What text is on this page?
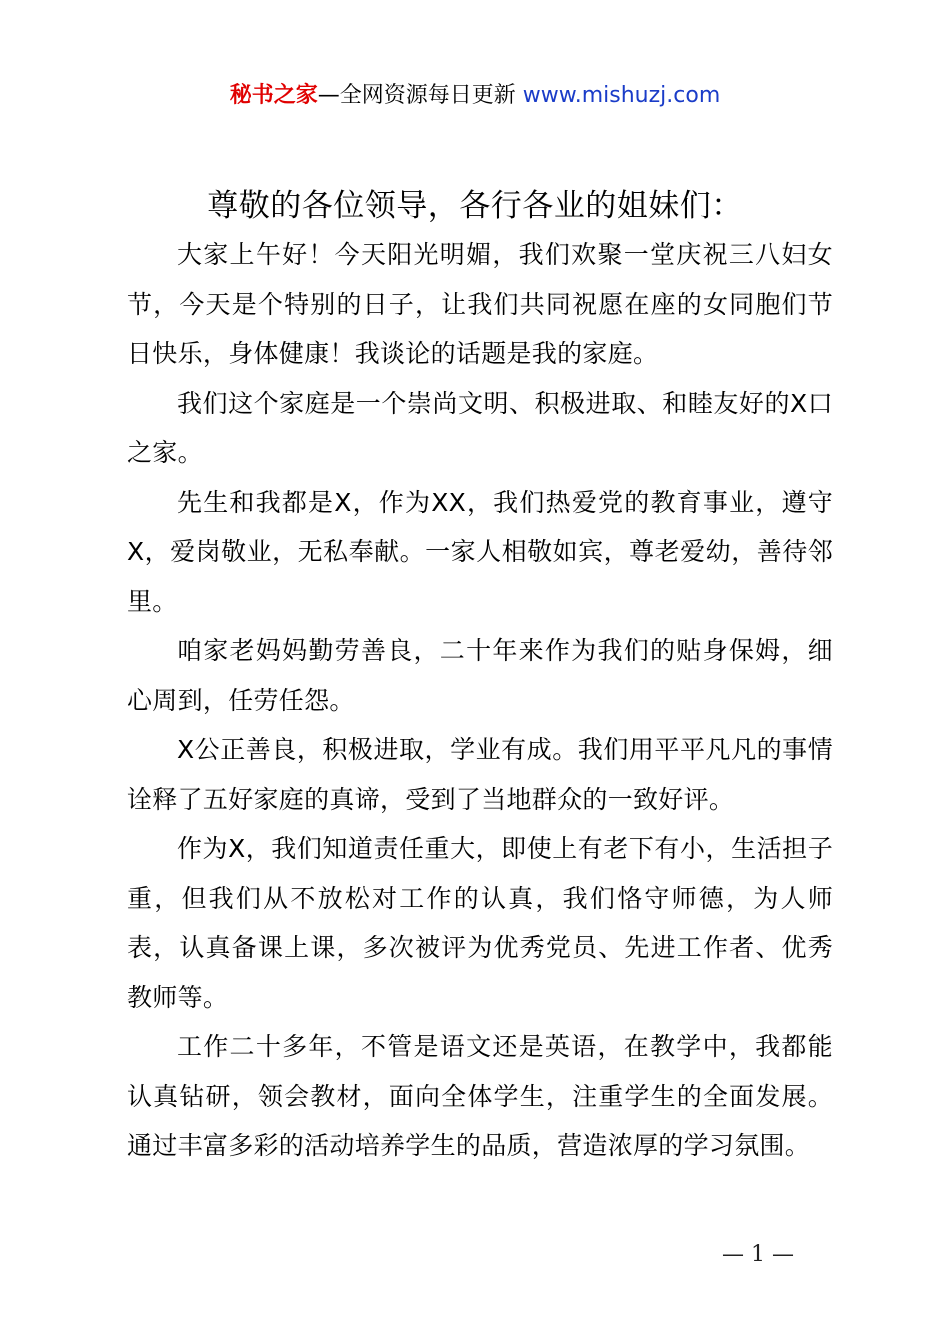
秘书之家—全网资源每日更新 www.mishuzj.com
尊敬的各位领导，各行各业的姐妹们：

大家上午好！今天阳光明媚，我们欢聚一堂庆祝三八妇女节，今天是个特别的日子，让我们共同祝愿在座的女同胞们节日快乐，身体健康！我谈论的话题是我的家庭。

我们这个家庭是一个崇尚文明、积极进取、和睦友好的X口之家。

先生和我都是X，作为XX，我们热爱党的教育事业，遵守X，爱岗敬业，无私奉献。一家人相敬如宾，尊老爱幼，善待邻里。

咱家老妈妈勤劳善良，二十年来作为我们的贴身保姆，细心周到，任劳任怨。

X公正善良，积极进取，学业有成。我们用平平凡凡的事情诠释了五好家庭的真谛，受到了当地群众的一致好评。

作为X，我们知道责任重大，即使上有老下有小，生活担子重，但我们从不放松对工作的认真，我们恪守师德，为人师表，认真备课上课，多次被评为优秀党员、先进工作者、优秀教师等。

工作二十多年，不管是语文还是英语，在教学中，我都能认真钻研，领会教材，面向全体学生，注重学生的全面发展。通过丰富多彩的活动培养学生的品质，营造浓厚的学习氛围。

— 1 —
